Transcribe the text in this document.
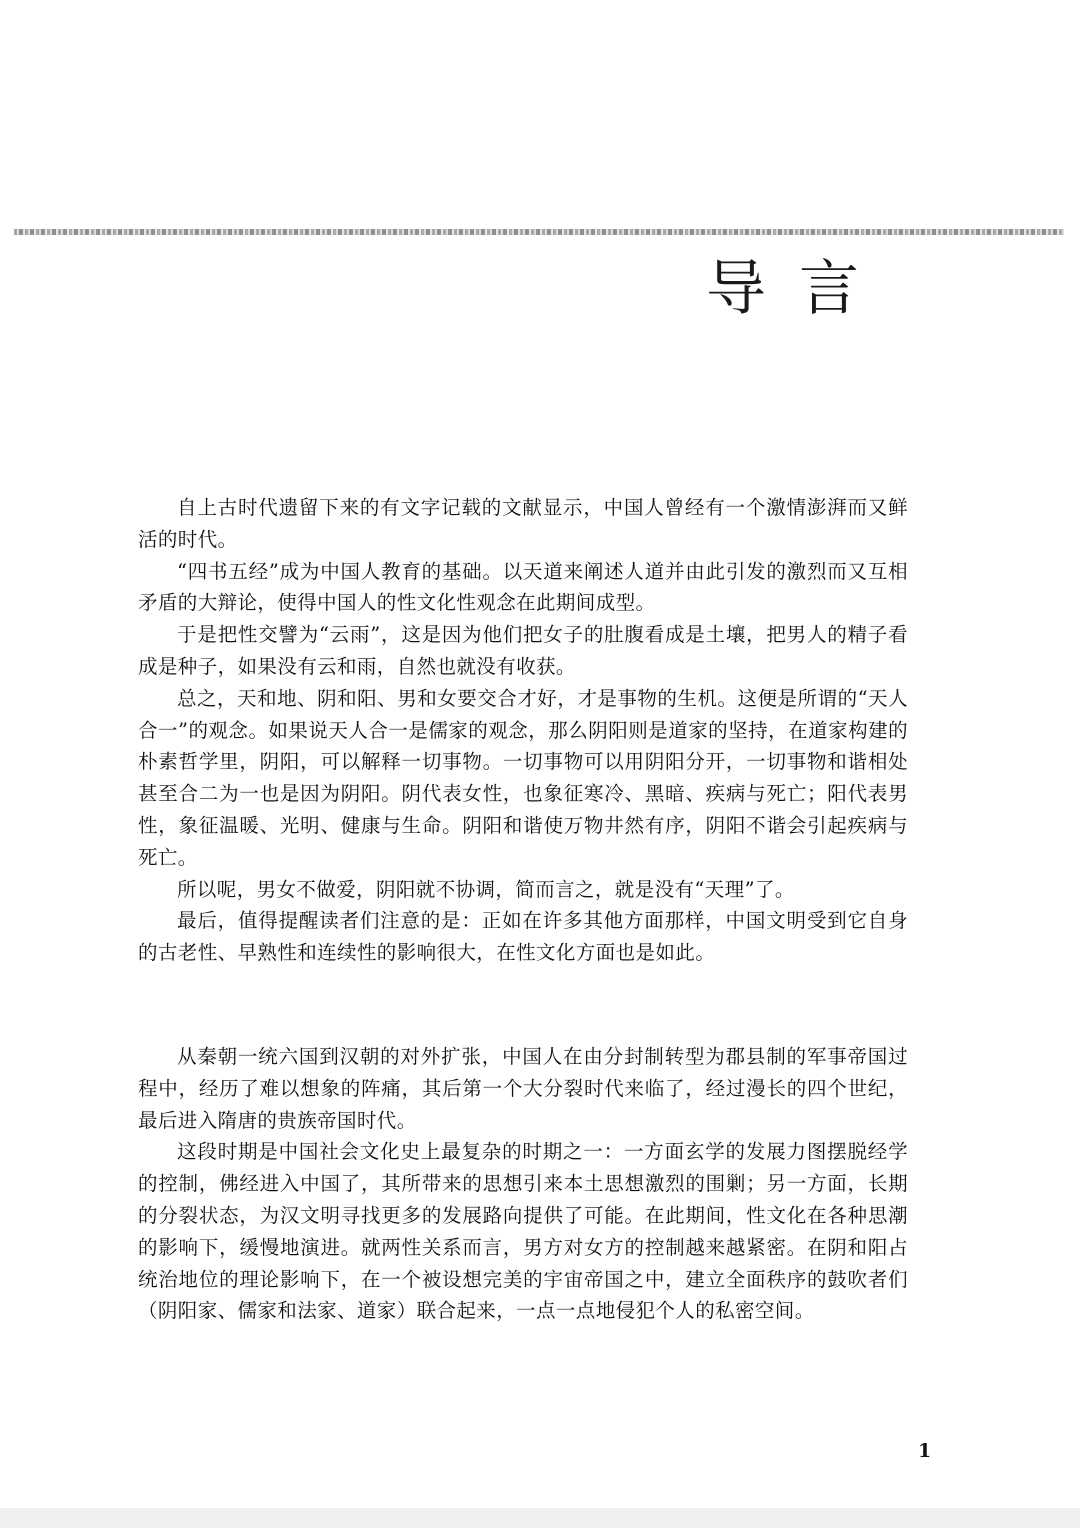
导言

自上古时代遗留下来的有文字记载的文献显示，中国人曾经有一个激情澎湃而又鲜活的时代。

“四书五经”成为中国人教育的基础。以天道来阐述人道并由此引发的激烈而又互相矛盾的大辩论，使得中国人的性文化性观念在此期间成型。

于是把性交譬为“云雨”，这是因为他们把女子的肚腹看成是土壤，把男人的精子看成是种子，如果没有云和雨，自然也就没有收获。

总之，天和地、阴和阳、男和女要交合才好，才是事物的生机。这便是所谓的“天人合一”的观念。如果说天人合一是儒家的观念，那么阴阳则是道家的坚持，在道家构建的朴素哲学里，阴阳，可以解释一切事物。一切事物可以用阴阳分开，一切事物和谐相处甚至合二为一也是因为阴阳。阴代表女性，也象征寒冷、黑暗、疾病与死亡；阳代表男性，象征温暖、光明、健康与生命。阴阳和谐使万物井然有序，阴阳不谐会引起疾病与死亡。

所以呢，男女不做爱，阴阳就不协调，简而言之，就是没有“天理”了。

最后，值得提醒读者们注意的是：正如在许多其他方面那样，中国文明受到它自身的古老性、早熟性和连续性的影响很大，在性文化方面也是如此。

从秦朝一统六国到汉朝的对外扩张，中国人在由分封制转型为郡县制的军事帝国过程中，经历了难以想象的阵痛，其后第一个大分裂时代来临了，经过漫长的四个世纪，最后进入隋唐的贵族帝国时代。

这段时期是中国社会文化史上最复杂的时期之一：一方面玄学的发展力图摆脱经学的控制，佛经进入中国了，其所带来的思想引来本土思想激烈的围剿；另一方面，长期的分裂状态，为汉文明寻找更多的发展路向提供了可能。在此期间，性文化在各种思潮的影响下，缓慢地演进。就两性关系而言，男方对女方的控制越来越紧密。在阴和阳占统治地位的理论影响下，在一个被设想完美的宇宙帝国之中，建立全面秩序的鼓吹者们（阴阳家、儒家和法家、道家）联合起来，一点一点地侵犯个人的私密空间。

1
